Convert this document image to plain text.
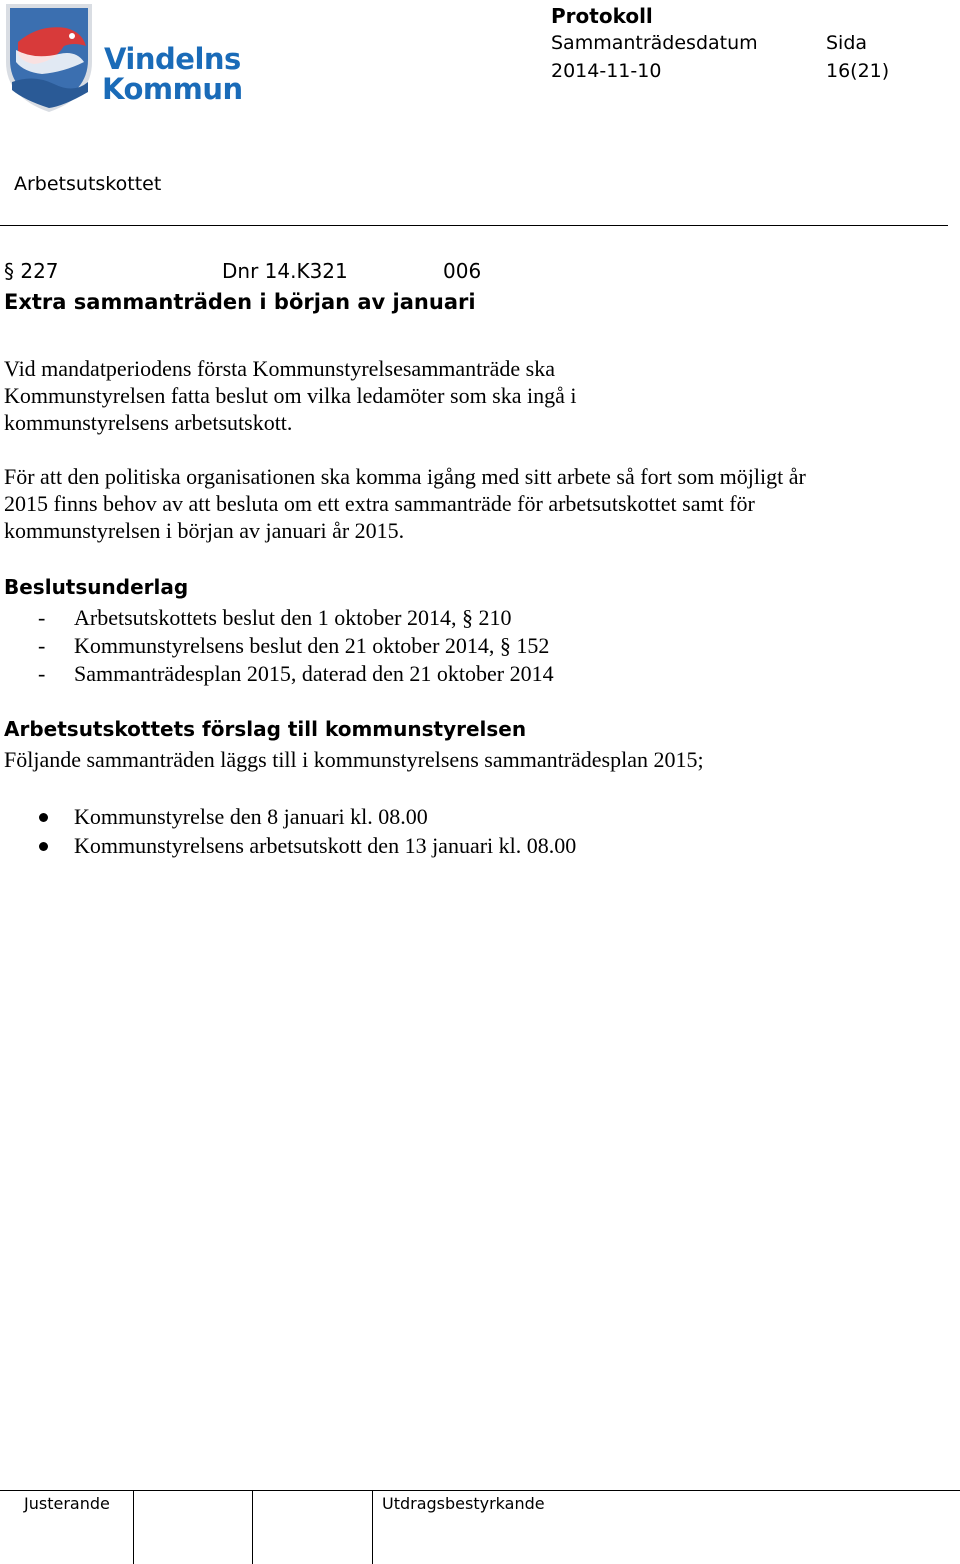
Vindelns
Kommun
Protokoll
Sammanträdesdatum	Sida
2014-11-10	16(21)
Arbetsutskottet
§ 227	Dnr 14.K321	006
Extra sammanträden i början av januari
Vid mandatperiodens första Kommunstyrelsesammanträde ska Kommunstyrelsen fatta beslut om vilka ledamöter som ska ingå i kommunstyrelsens arbetsutskott.
För att den politiska organisationen ska komma igång med sitt arbete så fort som möjligt år 2015 finns behov av att besluta om ett extra sammanträde för arbetsutskottet samt för kommunstyrelsen i början av januari år 2015.
Beslutsunderlag
- Arbetsutskottets beslut den 1 oktober 2014, § 210
- Kommunstyrelsens beslut den 21 oktober 2014, § 152
- Sammanträdesplan 2015, daterad den 21 oktober 2014
Arbetsutskottets förslag till kommunstyrelsen
Följande sammanträden läggs till i kommunstyrelsens sammanträdesplan 2015;
Kommunstyrelse den 8 januari kl. 08.00
Kommunstyrelsens arbetsutskott den 13 januari kl. 08.00
Justerande	Utdragsbestyrkande
